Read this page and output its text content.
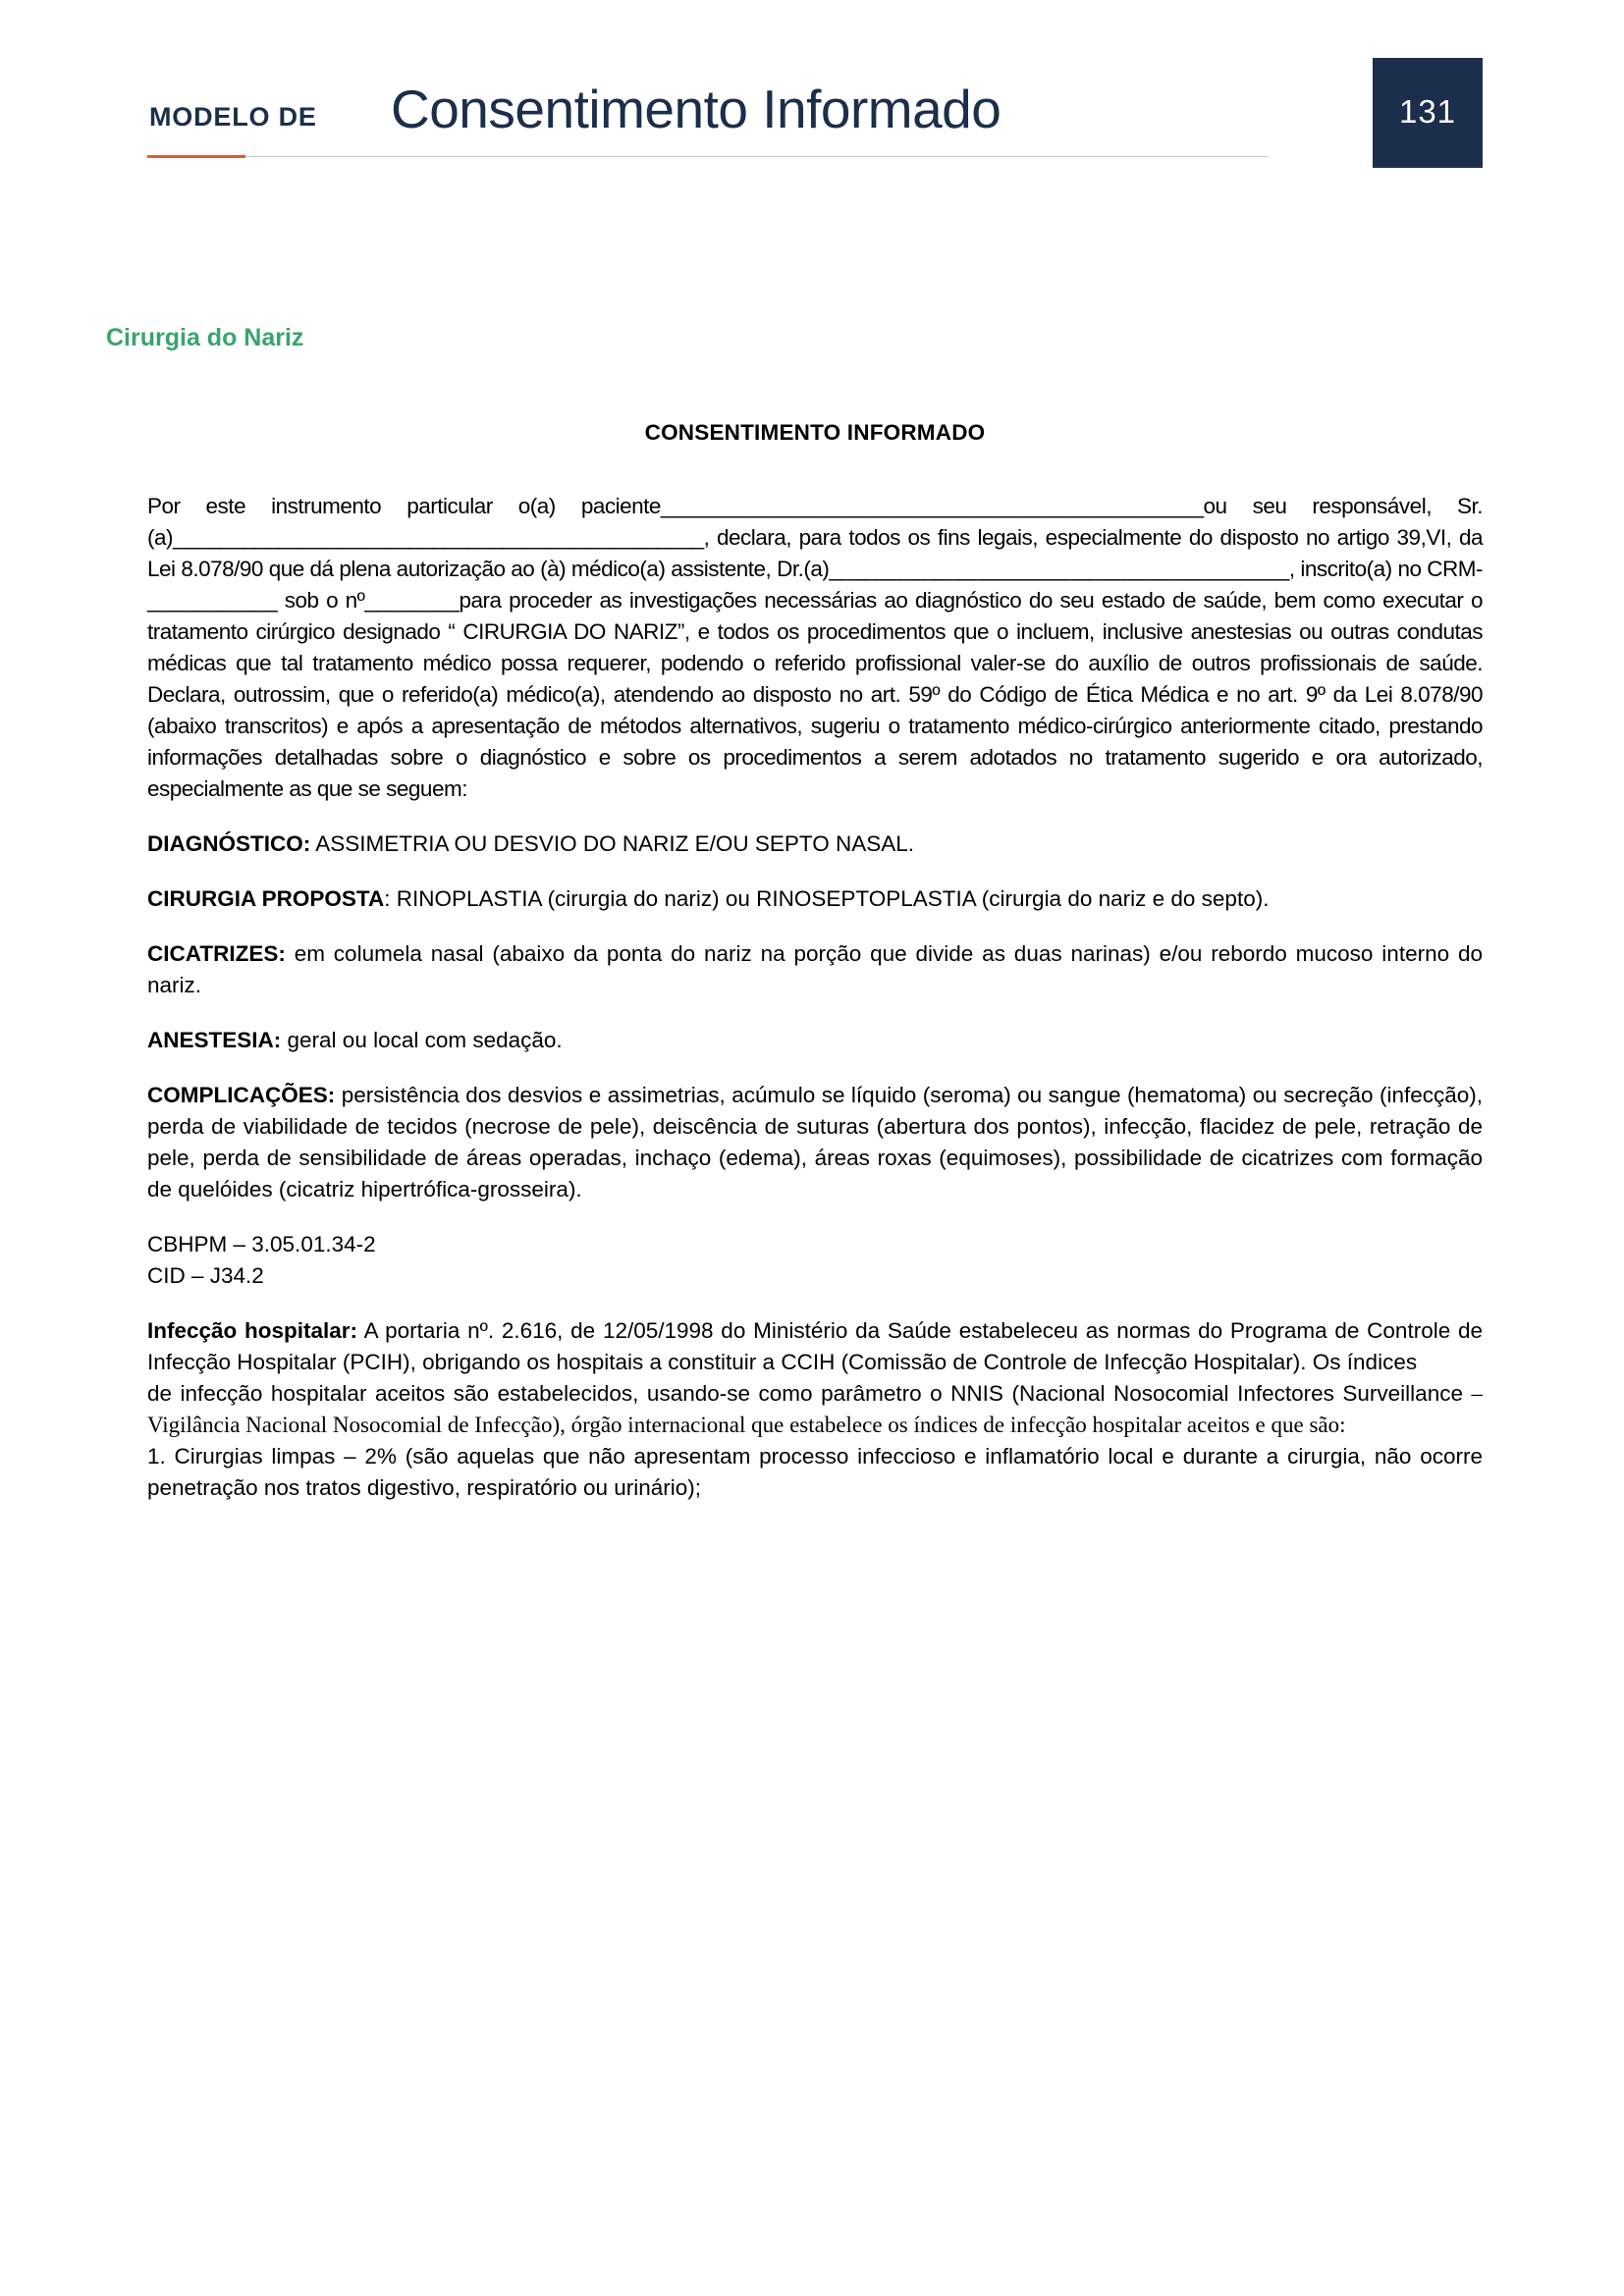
MODELO DE Consentimento Informado	131
Cirurgia do Nariz
CONSENTIMENTO INFORMADO

Por este instrumento particular o(a) paciente______________________________________________ou seu responsável, Sr.(a)_____________________________________________, declara, para todos os fins legais, especialmente do disposto no artigo 39,VI, da Lei 8.078/90 que dá plena autorização ao (à) médico(a) assistente, Dr.(a)_______________________________________, inscrito(a) no CRM-___________ sob o nº________para proceder as investigações necessárias ao diagnóstico do seu estado de saúde, bem como executar o tratamento cirúrgico designado “ CIRURGIA DO NARIZ”, e todos os procedimentos que o incluem, inclusive anestesias ou outras condutas médicas que tal tratamento médico possa requerer, podendo o referido profissional valer-se do auxílio de outros profissionais de saúde. Declara, outrossim, que o referido(a) médico(a), atendendo ao disposto no art. 59º do Código de Ética Médica e no art. 9º da Lei 8.078/90 (abaixo transcritos) e após a apresentação de métodos alternativos, sugeriu o tratamento médico-cirúrgico anteriormente citado, prestando informações detalhadas sobre o diagnóstico e sobre os procedimentos a serem adotados no tratamento sugerido e ora autorizado, especialmente as que se seguem:

DIAGNÓSTICO: ASSIMETRIA OU DESVIO DO NARIZ E/OU SEPTO NASAL.

CIRURGIA PROPOSTA: RINOPLASTIA (cirurgia do nariz) ou RINOSEPTOPLASTIA (cirurgia do nariz e do septo).

CICATRIZES: em columela nasal (abaixo da ponta do nariz na porção que divide as duas narinas) e/ou rebordo mucoso interno do nariz.

ANESTESIA: geral ou local com sedação.

COMPLICAÇÕES: persistência dos desvios e assimetrias, acúmulo se líquido (seroma) ou sangue (hematoma) ou secreção (infecção), perda de viabilidade de tecidos (necrose de pele), deiscência de suturas (abertura dos pontos), infecção, flacidez de pele, retração de pele, perda de sensibilidade de áreas operadas, inchaço (edema), áreas roxas (equimoses), possibilidade de cicatrizes com formação de quelóides (cicatriz hipertrófica-grosseira).

CBHPM – 3.05.01.34-2

CID – J34.2

Infecção hospitalar: A portaria nº. 2.616, de 12/05/1998 do Ministério da Saúde estabeleceu as normas do Programa de Controle de Infecção Hospitalar (PCIH), obrigando os hospitais a constituir a CCIH (Comissão de Controle de Infecção Hospitalar). Os índices

de infecção hospitalar aceitos são estabelecidos, usando-se como parâmetro o NNIS (Nacional Nosocomial Infectores Surveillance – Vigilância Nacional Nosocomial de Infecção), órgão internacional que estabelece os índices de infecção hospitalar aceitos e que são:

1. Cirurgias limpas – 2% (são aquelas que não apresentam processo infeccioso e inflamatório local e durante a cirurgia, não ocorre penetração nos tratos digestivo, respiratório ou urinário);
